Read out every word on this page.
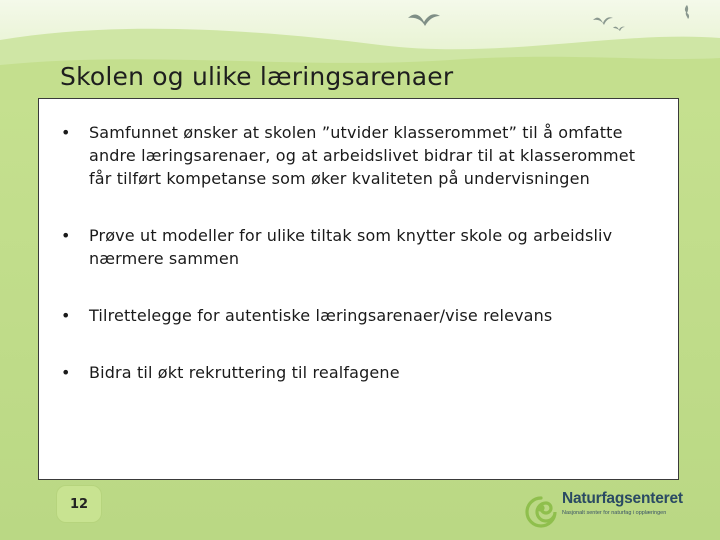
Skolen og ulike læringsarenaer
• Samfunnet ønsker at skolen ”utvider klasserommet” til å omfatte andre læringsarenaer, og at arbeidslivet bidrar til at klasserommet får tilført kompetanse som øker kvaliteten på undervisningen
• Prøve ut modeller for ulike tiltak som knytter skole og arbeidsliv nærmere sammen
• Tilrettelegge for autentiske læringsarenaer/vise relevans
• Bidra til økt rekruttering til realfagene
12	Naturfagsenteret
Nasjonalt senter for naturfag i opplæringen
